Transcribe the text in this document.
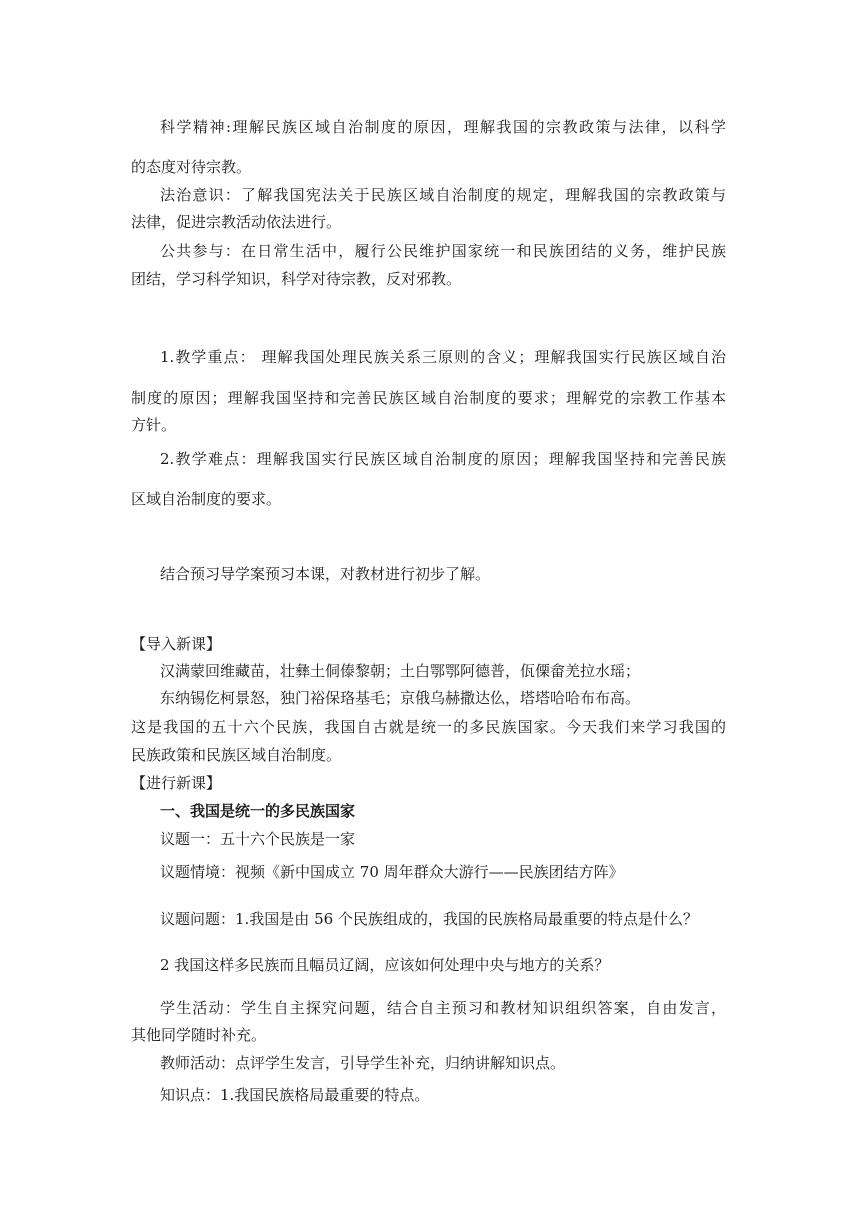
科学精神:理解民族区域自治制度的原因，理解我国的宗教政策与法律，以科学

的态度对待宗教。

法治意识：了解我国宪法关于民族区域自治制度的规定，理解我国的宗教政策与

法律，促进宗教活动依法进行。

公共参与：在日常生活中，履行公民维护国家统一和民族团结的义务，维护民族

团结，学习科学知识，科学对待宗教，反对邪教。

1.教学重点： 理解我国处理民族关系三原则的含义；理解我国实行民族区域自治

制度的原因；理解我国坚持和完善民族区域自治制度的要求；理解党的宗教工作基本

方针。

2.教学难点：理解我国实行民族区域自治制度的原因；理解我国坚持和完善民族

区域自治制度的要求。

结合预习导学案预习本课，对教材进行初步了解。

【导入新课】

汉满蒙回维藏苗，壮彝土侗傣黎朝；土白鄂鄂阿德普，佤傈畲羌拉水瑶；

东纳锡仡柯景怒，独门裕保珞基毛；京俄乌赫撒达仫，塔塔哈哈布布高。

这是我国的五十六个民族，我国自古就是统一的多民族国家。今天我们来学习我国的

民族政策和民族区域自治制度。

【进行新课】

一、我国是统一的多民族国家

议题一：五十六个民族是一家

议题情境：视频《新中国成立 70 周年群众大游行——民族团结方阵》

议题问题：1.我国是由 56 个民族组成的，我国的民族格局最重要的特点是什么？

2 我国这样多民族而且幅员辽阔，应该如何处理中央与地方的关系？

学生活动：学生自主探究问题，结合自主预习和教材知识组织答案，自由发言，

其他同学随时补充。

教师活动：点评学生发言，引导学生补充，归纳讲解知识点。

知识点：1.我国民族格局最重要的特点。
